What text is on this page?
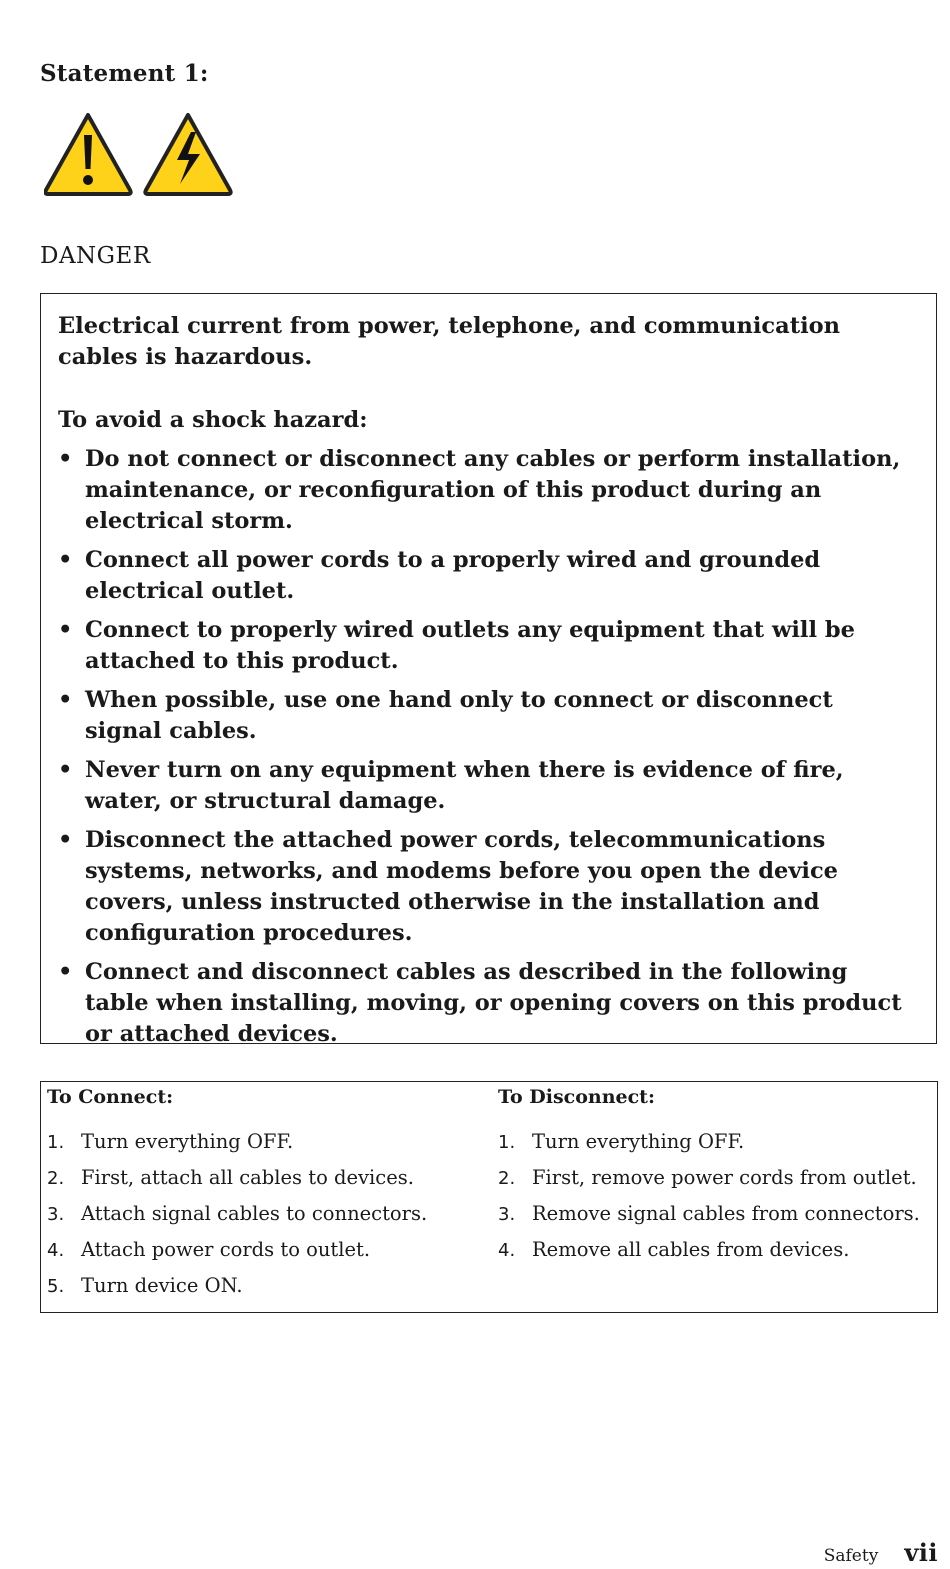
Statement 1:
DANGER

Electrical current from power, telephone, and communication cables is hazardous.

To avoid a shock hazard:

• Do not connect or disconnect any cables or perform installation, maintenance, or reconfiguration of this product during an electrical storm.
• Connect all power cords to a properly wired and grounded electrical outlet.
• Connect to properly wired outlets any equipment that will be attached to this product.
• When possible, use one hand only to connect or disconnect signal cables.
• Never turn on any equipment when there is evidence of fire, water, or structural damage.
• Disconnect the attached power cords, telecommunications systems, networks, and modems before you open the device covers, unless instructed otherwise in the installation and configuration procedures.
• Connect and disconnect cables as described in the following table when installing, moving, or opening covers on this product or attached devices.
To Connect:
1. Turn everything OFF.
2. First, attach all cables to devices.
3. Attach signal cables to connectors.
4. Attach power cords to outlet.
5. Turn device ON.
To Disconnect:
1. Turn everything OFF.
2. First, remove power cords from outlet.
3. Remove signal cables from connectors.
4. Remove all cables from devices.
Safety vii
